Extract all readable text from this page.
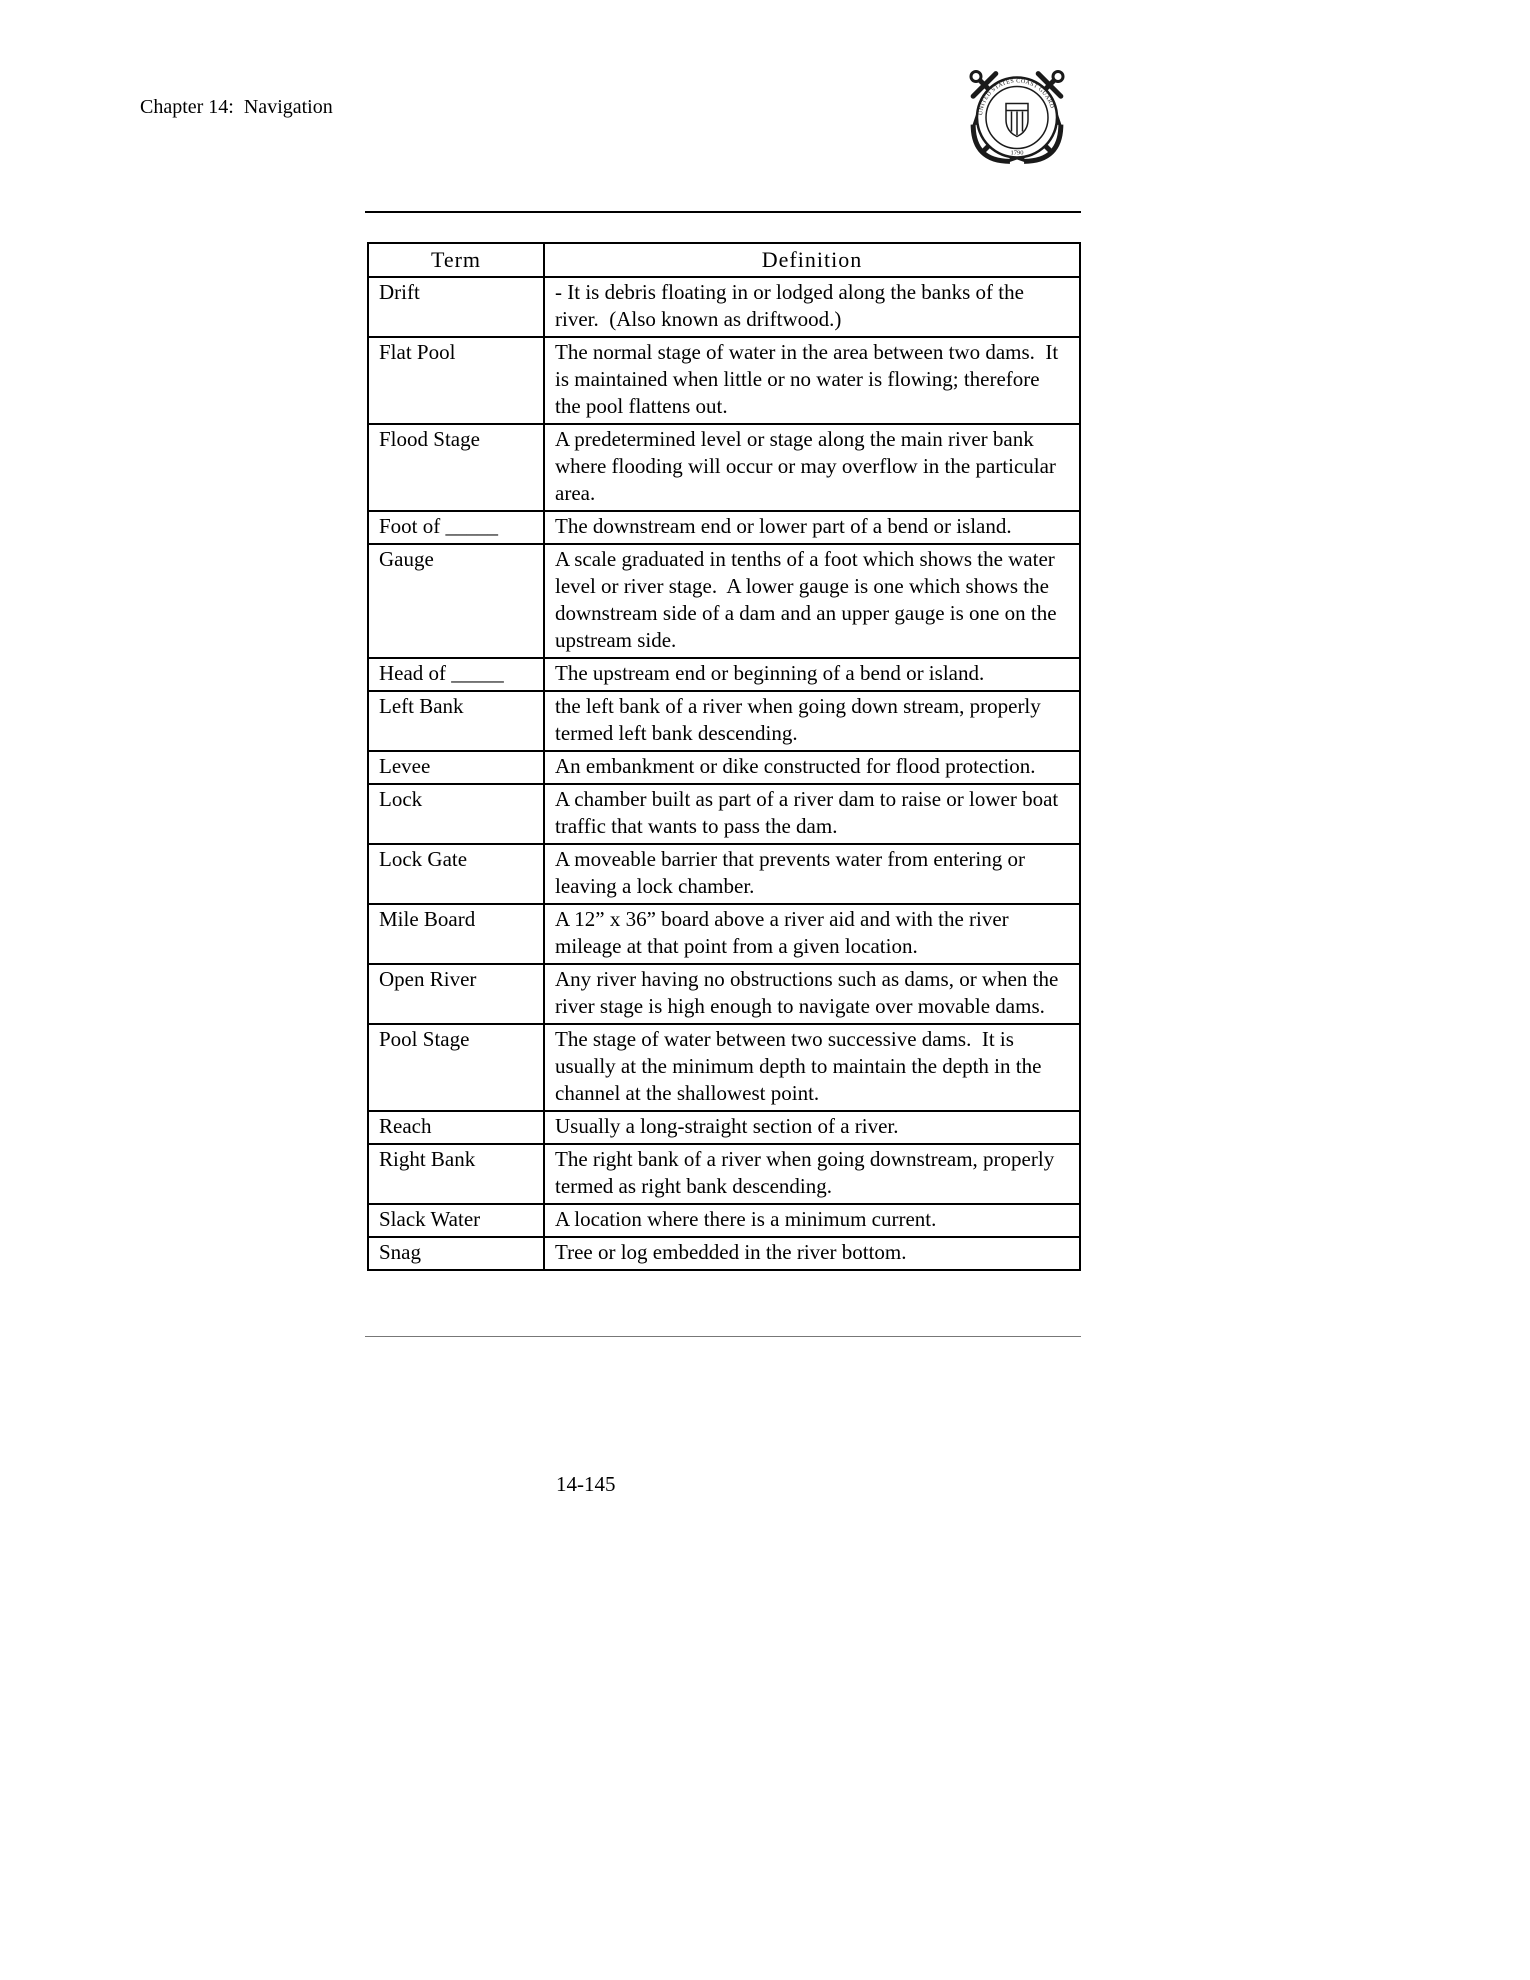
Chapter 14:  Navigation	UNITED STATES COAST GUARD
1790
Term	Definition
Drift	- It is debris floating in or lodged along the banks of the river.  (Also known as driftwood.)
Flat Pool	The normal stage of water in the area between two dams.  It is maintained when little or no water is flowing; therefore the pool flattens out.
Flood Stage	A predetermined level or stage along the main river bank where flooding will occur or may overflow in the particular area.
Foot of _____	The downstream end or lower part of a bend or island.
Gauge	A scale graduated in tenths of a foot which shows the water level or river stage.  A lower gauge is one which shows the downstream side of a dam and an upper gauge is one on the upstream side.
Head of _____	The upstream end or beginning of a bend or island.
Left Bank	the left bank of a river when going down stream, properly termed left bank descending.
Levee	An embankment or dike constructed for flood protection.
Lock	A chamber built as part of a river dam to raise or lower boat traffic that wants to pass the dam.
Lock Gate	A moveable barrier that prevents water from entering or leaving a lock chamber.
Mile Board	A 12” x 36” board above a river aid and with the river mileage at that point from a given location.
Open River	Any river having no obstructions such as dams, or when the river stage is high enough to navigate over movable dams.
Pool Stage	The stage of water between two successive dams.  It is usually at the minimum depth to maintain the depth in the channel at the shallowest point.
Reach	Usually a long-straight section of a river.
Right Bank	The right bank of a river when going downstream, properly termed as right bank descending.
Slack Water	A location where there is a minimum current.
Snag	Tree or log embedded in the river bottom.
14-145
